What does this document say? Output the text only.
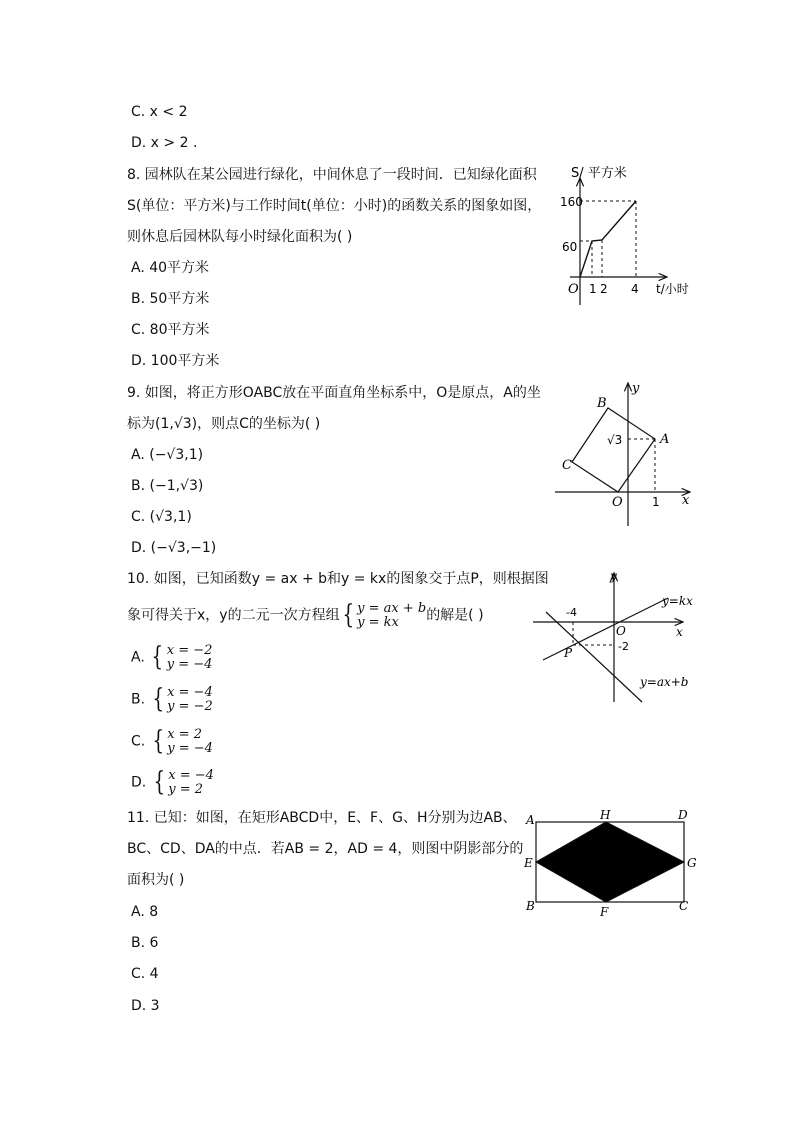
C. x < 2
D. x > 2 .
8. 园林队在某公园进行绿化，中间休息了一段时间．已知绿化面积
S(单位：平方米)与工作时间t(单位：小时)的函数关系的图象如图，
则休息后园林队每小时绿化面积为( )
A. 40平方米
B. 50平方米
C. 80平方米
D. 100平方米
S/ 平方米
160
60
O 1 2 4 t/小时
9. 如图，将正方形OABC放在平面直角坐标系中，O是原点，A的坐
标为(1,√3)，则点C的坐标为( )
A. (−√3,1)
B. (−1,√3)
C. (√3,1)
D. (−√3,−1)
B
A
C
O
y
x
1
√3
10. 如图，已知函数y = ax + b和y = kx的图象交于点P，则根据图
象可得关于x，y的二元一次方程组{ y = ax + b
y = kx	的解是( )
A. { x = −2
y = −4
B. { x = −4
y = −2
C. { x = 2
y = −4
D. { x = −4
y = 2
y
x
O
-4
-2
P
y=kx
y=ax+b
11. 已知：如图，在矩形ABCD中，E、F、G、H分别为边AB、
BC、CD、DA的中点．若AB = 2，AD = 4，则图中阴影部分的
面积为( )
A. 8
B. 6
C. 4
D. 3
A	H	D
E	G
B	F	C
